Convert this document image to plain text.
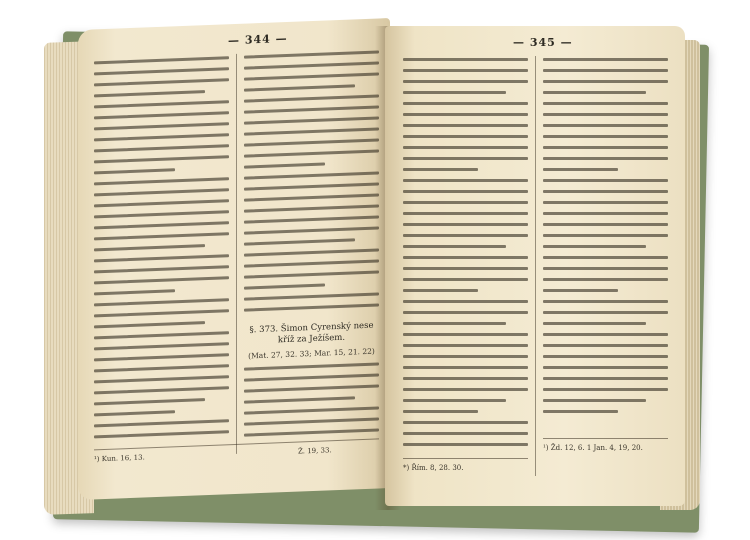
— 344 —
§. 373. Šimon Cyrenský nese kříž za Ježíšem.
(Mat. 27, 32. 33; Mar. 15, 21. 22)
¹) Kun. 16, 13.
Ž. 19, 33.
— 345 —
*) Řím. 8, 28. 30.
¹) Žd. 12, 6. 1 Jan. 4, 19, 20.
